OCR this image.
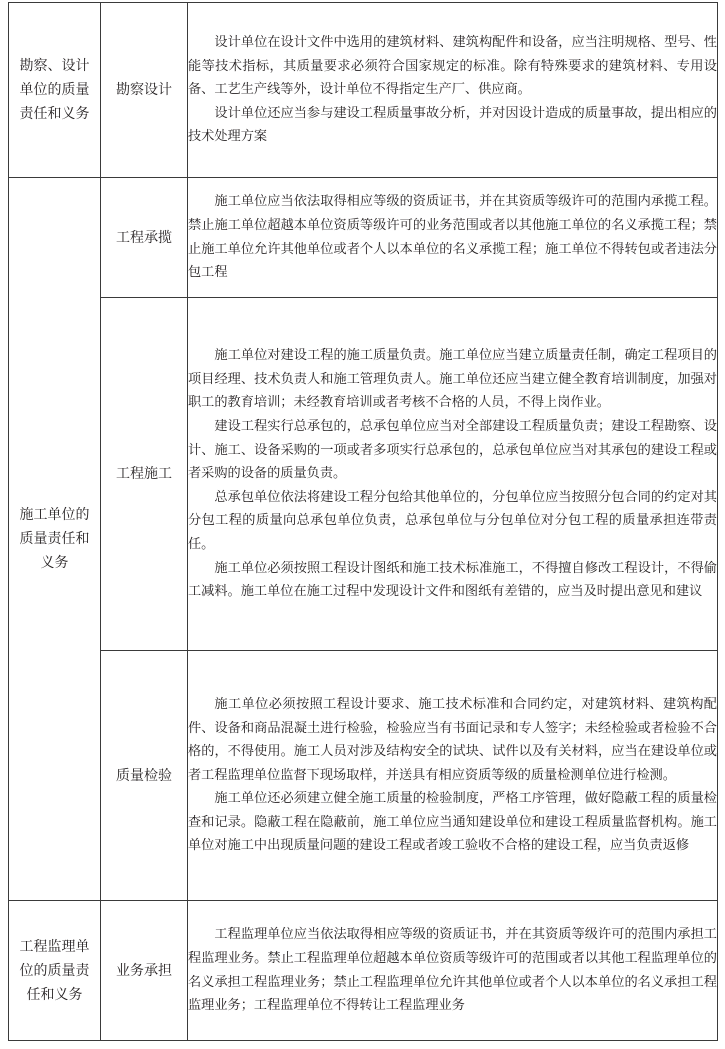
勘察、设计单位的质量责任和义务	勘察设计	设计单位在设计文件中选用的建筑材料、建筑构配件和设备，应当注明规格、型号、性能等技术指标，其质量要求必须符合国家规定的标准。除有特殊要求的建筑材料、专用设备、工艺生产线等外，设计单位不得指定生产厂、供应商。

设计单位还应当参与建设工程质量事故分析，并对因设计造成的质量事故，提出相应的技术处理方案

施工单位的质量责任和义务	工程承揽	施工单位应当依法取得相应等级的资质证书，并在其资质等级许可的范围内承揽工程。禁止施工单位超越本单位资质等级许可的业务范围或者以其他施工单位的名义承揽工程；禁止施工单位允许其他单位或者个人以本单位的名义承揽工程；施工单位不得转包或者违法分包工程

	工程施工	施工单位对建设工程的施工质量负责。施工单位应当建立质量责任制，确定工程项目的项目经理、技术负责人和施工管理负责人。施工单位还应当建立健全教育培训制度，加强对职工的教育培训；未经教育培训或者考核不合格的人员，不得上岗作业。

建设工程实行总承包的，总承包单位应当对全部建设工程质量负责；建设工程勘察、设计、施工、设备采购的一项或者多项实行总承包的，总承包单位应当对其承包的建设工程或者采购的设备的质量负责。

总承包单位依法将建设工程分包给其他单位的，分包单位应当按照分包合同的约定对其分包工程的质量向总承包单位负责，总承包单位与分包单位对分包工程的质量承担连带责任。

施工单位必须按照工程设计图纸和施工技术标准施工，不得擅自修改工程设计，不得偷工减料。施工单位在施工过程中发现设计文件和图纸有差错的，应当及时提出意见和建议

	质量检验	施工单位必须按照工程设计要求、施工技术标准和合同约定，对建筑材料、建筑构配件、设备和商品混凝土进行检验，检验应当有书面记录和专人签字；未经检验或者检验不合格的，不得使用。施工人员对涉及结构安全的试块、试件以及有关材料，应当在建设单位或者工程监理单位监督下现场取样，并送具有相应资质等级的质量检测单位进行检测。

施工单位还必须建立健全施工质量的检验制度，严格工序管理，做好隐蔽工程的质量检查和记录。隐蔽工程在隐蔽前，施工单位应当通知建设单位和建设工程质量监督机构。施工单位对施工中出现质量问题的建设工程或者竣工验收不合格的建设工程，应当负责返修

工程监理单位的质量责任和义务	业务承担	工程监理单位应当依法取得相应等级的资质证书，并在其资质等级许可的范围内承担工程监理业务。禁止工程监理单位超越本单位资质等级许可的范围或者以其他工程监理单位的名义承担工程监理业务；禁止工程监理单位允许其他单位或者个人以本单位的名义承担工程监理业务；工程监理单位不得转让工程监理业务
